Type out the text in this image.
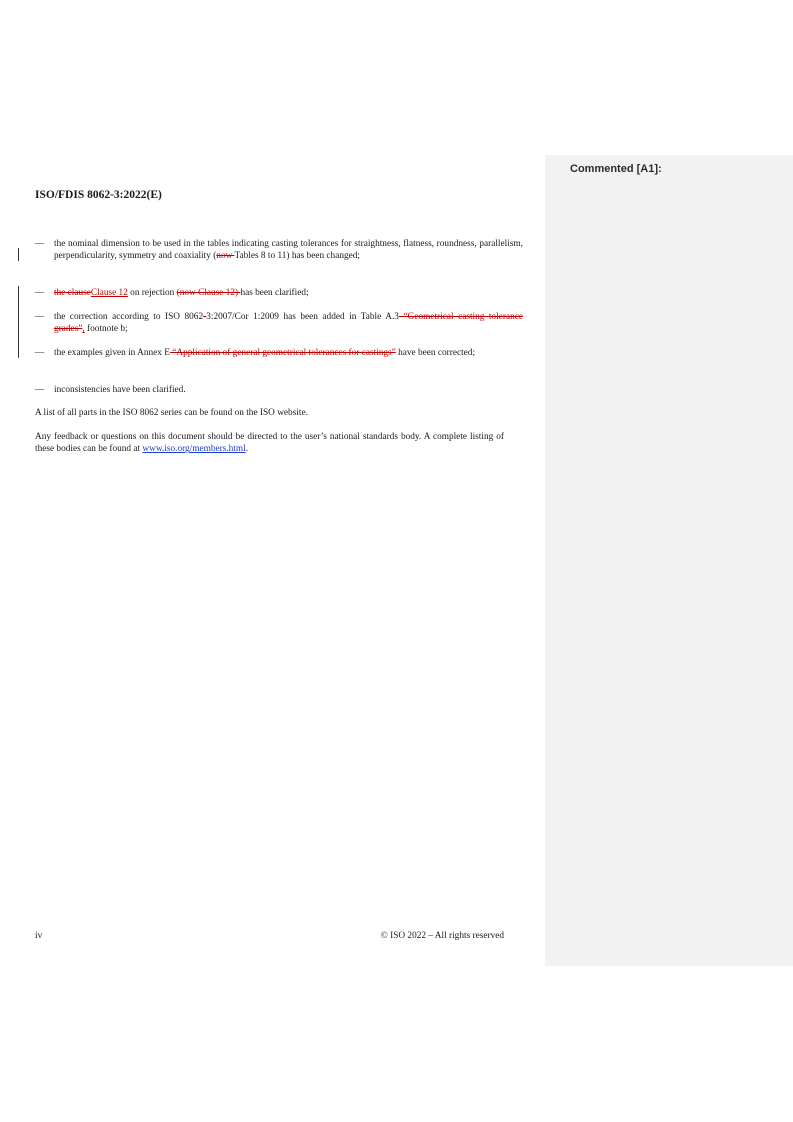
Commented [A1]:
ISO/FDIS 8062-3:2022(E)
— the nominal dimension to be used in the tables indicating casting tolerances for straightness, flatness, roundness, parallelism, perpendicularity, symmetry and coaxiality (now Tables 8 to 11) has been changed;
— the clauseClause 12 on rejection (now Clause 12) has been clarified;
— the correction according to ISO 8062-3:2007/Cor 1:2009 has been added in Table A.3 “Geometrical casting tolerance grades”, footnote b;
— the examples given in Annex E “Application of general geometrical tolerances for castings” have been corrected;
— inconsistencies have been clarified.
A list of all parts in the ISO 8062 series can be found on the ISO website.
Any feedback or questions on this document should be directed to the user’s national standards body. A complete listing of these bodies can be found at www.iso.org/members.html.
iv	© ISO 2022 – All rights reserved
